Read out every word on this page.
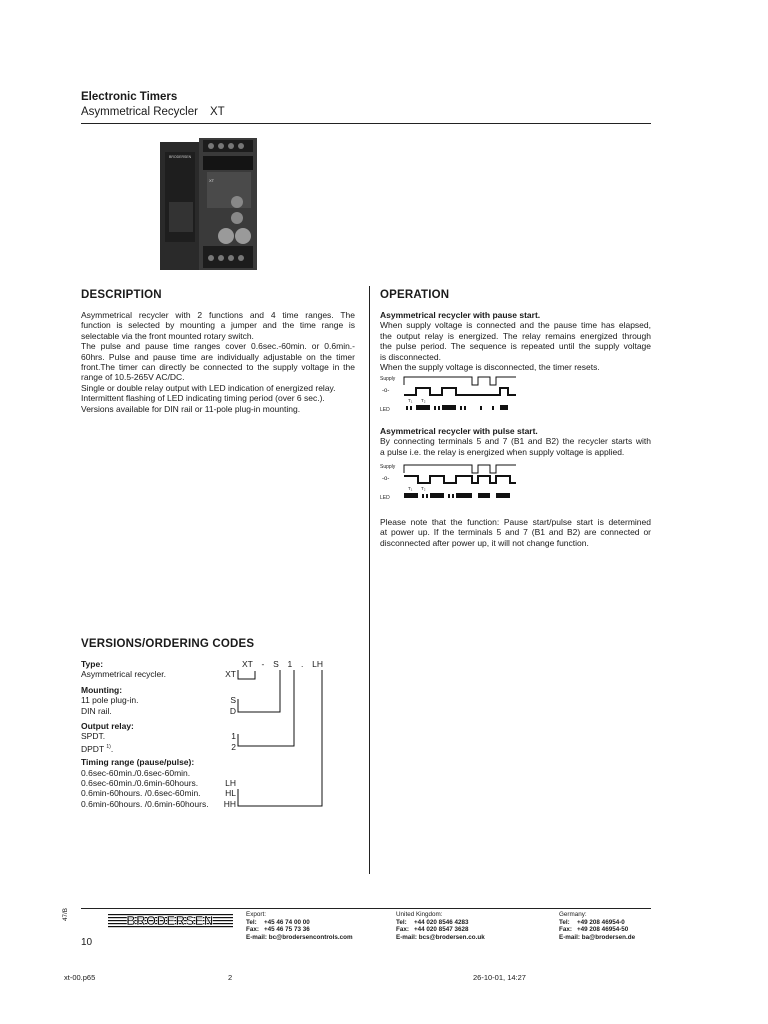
Electronic Timers
Asymmetrical Recycler XT
BRODERSEN
XT
DESCRIPTION
Asymmetrical recycler with 2 functions and 4 time ranges. The
function is selected by mounting a jumper and the time range is
selectable via the front mounted rotary switch.
The pulse and pause time ranges cover 0.6sec.-60min. or 0.6min.-
60hrs. Pulse and pause time are individually adjustable on the timer
front.The timer can directly be connected to the supply voltage in the
range of 10.5-265V AC/DC.
Single or double relay output with LED indication of energized relay.
Intermittent flashing of LED indicating timing period (over 6 sec.).
Versions available for DIN rail or 11-pole plug-in mounting.
OPERATION
Asymmetrical recycler with pause start.
When supply voltage is connected and the pause time has elapsed,
the output relay is energized. The relay remains energized through
the pulse period. The sequence is repeated until the supply voltage
is disconnected.
When the supply voltage is disconnected, the timer resets.
Supply
-o-
T₁ T₂
LED
Asymmetrical recycler with pulse start.
By connecting terminals 5 and 7 (B1 and B2) the recycler starts with
a pulse i.e. the relay is energized when supply voltage is applied.
Supply
-o-
T₁ T₂
LED
Please note that the function: Pause start/pulse start is determined
at power up. If the terminals 5 and 7 (B1 and B2) are connected or
disconnected after power up, it will not change function.
VERSIONS/ORDERING CODES
XT - S 1 . LH
Type:
Asymmetrical recycler.	XT
Mounting:
11 pole plug-in.	S
DIN rail.	D
Output relay:
SPDT.	1
DPDT $^{1)}$.	2
Timing range (pause/pulse):
0.6sec-60min./0.6sec-60min.
0.6sec-60min./0.6min-60hours.	LH
0.6min-60hours. /0.6sec-60min.	HL
0.6min-60hours. /0.6min-60hours. HH
47/B	BRODERSEN	Export:
Tel: +45 46 74 00 00
Fax: +45 46 75 73 36
E-mail: bc@brodersencontrols.com
United Kingdom:
Tel: +44 020 8546 4283
Fax: +44 020 8547 3628
E-mail: bcs@brodersen.co.uk
Germany:
Tel: +49 208 46954-0
Fax: +49 208 46954-50
E-mail: ba@brodersen.de
10
xt-00.p65	2	26-10-01, 14:27
